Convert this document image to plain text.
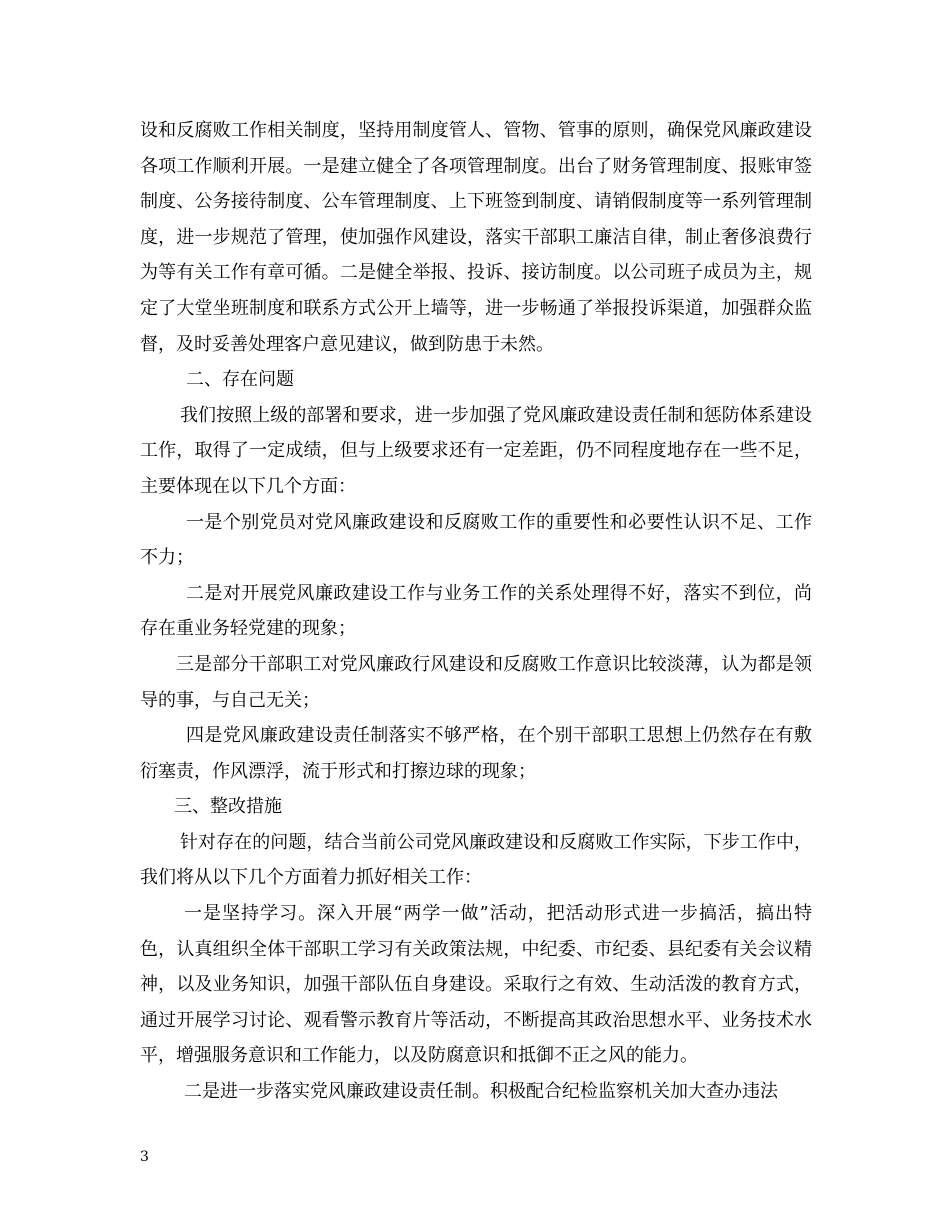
设和反腐败工作相关制度，坚持用制度管人、管物、管事的原则，确保党风廉政建设各项工作顺利开展。一是建立健全了各项管理制度。出台了财务管理制度、报账审签制度、公务接待制度、公车管理制度、上下班签到制度、请销假制度等一系列管理制度，进一步规范了管理，使加强作风建设，落实干部职工廉洁自律，制止奢侈浪费行为等有关工作有章可循。二是健全举报、投诉、接访制度。以公司班子成员为主，规定了大堂坐班制度和联系方式公开上墙等，进一步畅通了举报投诉渠道，加强群众监督，及时妥善处理客户意见建议，做到防患于未然。

二、存在问题

我们按照上级的部署和要求，进一步加强了党风廉政建设责任制和惩防体系建设工作，取得了一定成绩，但与上级要求还有一定差距，仍不同程度地存在一些不足，主要体现在以下几个方面：

一是个别党员对党风廉政建设和反腐败工作的重要性和必要性认识不足、工作不力；

二是对开展党风廉政建设工作与业务工作的关系处理得不好，落实不到位，尚存在重业务轻党建的现象；

三是部分干部职工对党风廉政行风建设和反腐败工作意识比较淡薄，认为都是领导的事，与自己无关；

四是党风廉政建设责任制落实不够严格，在个别干部职工思想上仍然存在有敷衍塞责，作风漂浮，流于形式和打擦边球的现象；

三、整改措施

针对存在的问题，结合当前公司党风廉政建设和反腐败工作实际，下步工作中，我们将从以下几个方面着力抓好相关工作：

一是坚持学习。深入开展“两学一做”活动，把活动形式进一步搞活，搞出特色，认真组织全体干部职工学习有关政策法规，中纪委、市纪委、县纪委有关会议精神，以及业务知识，加强干部队伍自身建设。采取行之有效、生动活泼的教育方式，通过开展学习讨论、观看警示教育片等活动，不断提高其政治思想水平、业务技术水平，增强服务意识和工作能力，以及防腐意识和抵御不正之风的能力。

二是进一步落实党风廉政建设责任制。积极配合纪检监察机关加大查办违法

3
